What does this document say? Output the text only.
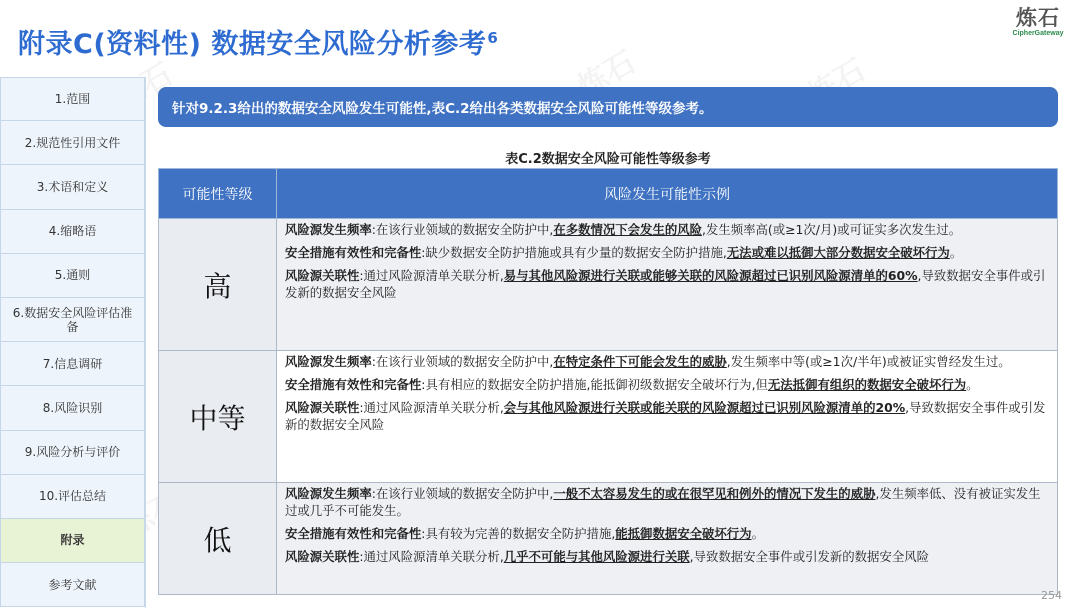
附录C(资料性) 数据安全风险分析参考$^6$
炼石
CipherGateway
炼石	炼石
炼石
1.范围
2.规范性引用文件
3.术语和定义
4.缩略语
5.通则
6.数据安全风险评估准备
7.信息调研
8.风险识别
9.风险分析与评价
10.评估总结
附录
参考文献
针对9.2.3给出的数据安全风险发生可能性,表C.2给出各类数据安全风险可能性等级参考。
表C.2数据安全风险可能性等级参考
可能性等级	风险发生可能性示例
高	风险源发生频率:在该行业领域的数据安全防护中,在多数情况下会发生的风险,发生频率高(或≥1次/月)或可证实多次发生过。
安全措施有效性和完备性:缺少数据安全防护措施或具有少量的数据安全防护措施,无法或难以抵御大部分数据安全破坏行为。
风险源关联性:通过风险源清单关联分析,易与其他风险源进行关联或能够关联的风险源超过已识别风险源清单的60%,导致数据安全事件或引发新的数据安全风险

中等	风险源发生频率:在该行业领域的数据安全防护中,在特定条件下可能会发生的威胁,发生频率中等(或≥1次/半年)或被证实曾经发生过。
安全措施有效性和完备性:具有相应的数据安全防护措施,能抵御初级数据安全破坏行为,但无法抵御有组织的数据安全破坏行为。
风险源关联性:通过风险源清单关联分析,会与其他风险源进行关联或能关联的风险源超过已识别风险源清单的20%,导致数据安全事件或引发新的数据安全风险

低	风险源发生频率:在该行业领域的数据安全防护中,一般不太容易发生的或在很罕见和例外的情况下发生的威胁,发生频率低、没有被证实发生过或几乎不可能发生。
安全措施有效性和完备性:具有较为完善的数据安全防护措施,能抵御数据安全破坏行为。
风险源关联性:通过风险源清单关联分析,几乎不可能与其他风险源进行关联,导致数据安全事件或引发新的数据安全风险
254
